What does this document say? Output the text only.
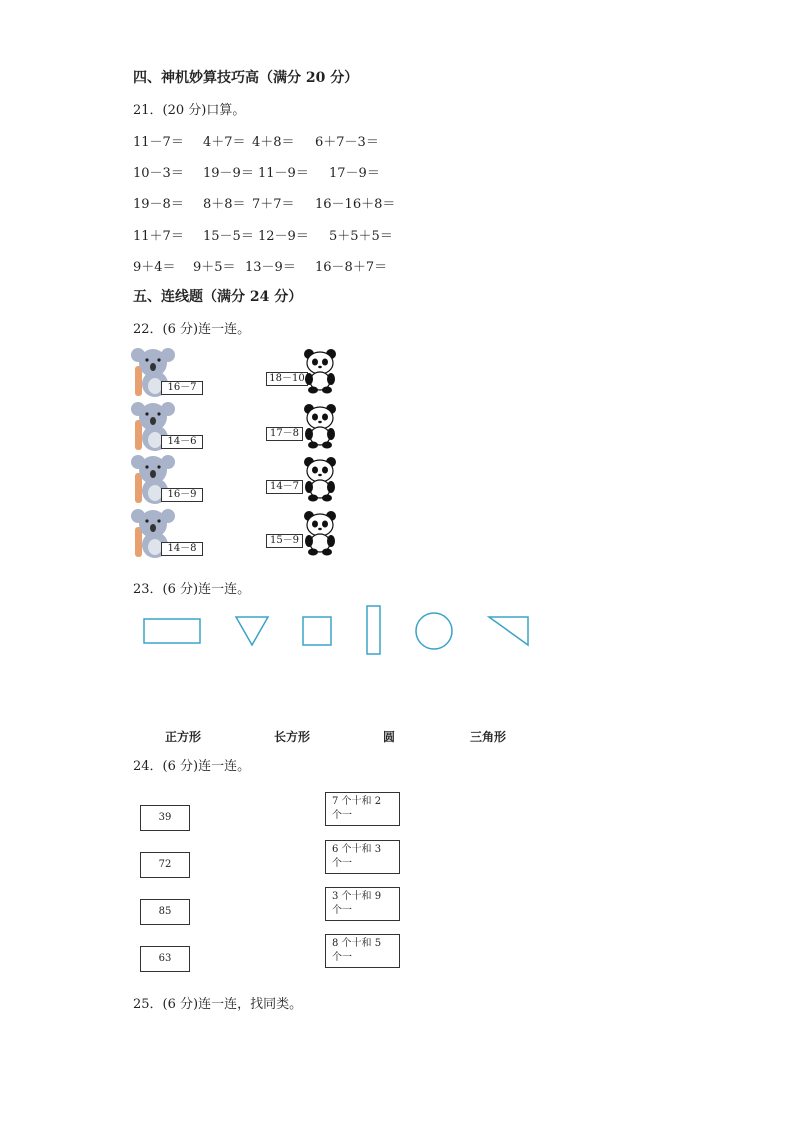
四、神机妙算技巧高（满分 20 分）
21．(20 分)口算。
11－7＝ 4＋7＝ 4＋8＝ 6＋7－3＝
10－3＝ 19－9＝ 11－9＝ 17－9＝
19－8＝ 8＋8＝ 7＋7＝ 16－16＋8＝
11＋7＝ 15－5＝ 12－9＝ 5＋5＋5＝
9＋4＝ 9＋5＝ 13－9＝ 16－8＋7＝
五、连线题（满分 24 分）
22．(6 分)连一连。
16－7
14－6
16－9
14－8
18－10
17－8
14－7
15－9
23．(6 分)连一连。
正方形	长方形	圆	三角形
24．(6 分)连一连。
39
72
85
63
7 个十和 2 个一
6 个十和 3 个一
3 个十和 9 个一
8 个十和 5 个一
25．(6 分)连一连，找同类。
